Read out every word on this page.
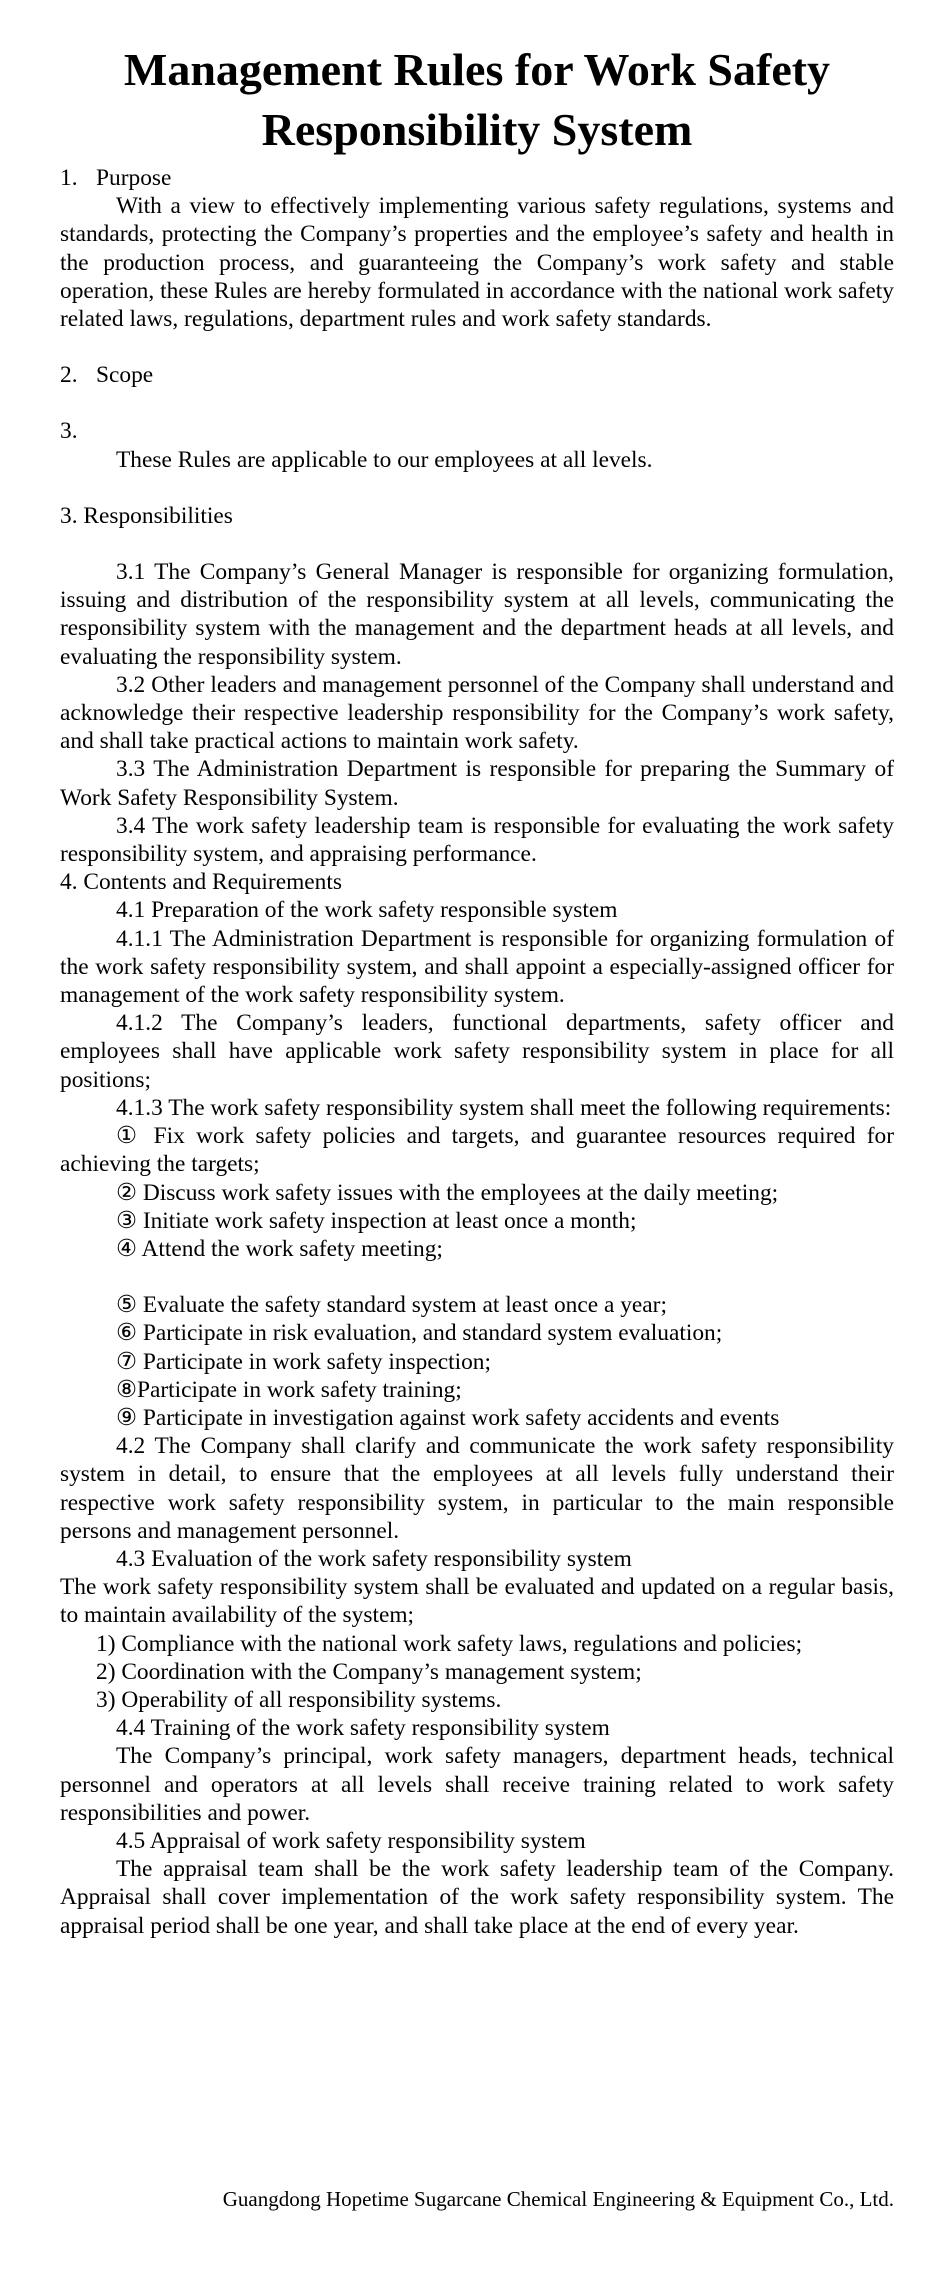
Management Rules for Work Safety Responsibility System

1. Purpose

With a view to effectively implementing various safety regulations, systems and standards, protecting the Company’s properties and the employee’s safety and health in the production process, and guaranteeing the Company’s work safety and stable operation, these Rules are hereby formulated in accordance with the national work safety related laws, regulations, department rules and work safety standards.

2. Scope

3.

These Rules are applicable to our employees at all levels.

3. Responsibilities

3.1 The Company’s General Manager is responsible for organizing formulation, issuing and distribution of the responsibility system at all levels, communicating the responsibility system with the management and the department heads at all levels, and evaluating the responsibility system.

3.2 Other leaders and management personnel of the Company shall understand and acknowledge their respective leadership responsibility for the Company’s work safety, and shall take practical actions to maintain work safety.

3.3 The Administration Department is responsible for preparing the Summary of Work Safety Responsibility System.

3.4 The work safety leadership team is responsible for evaluating the work safety responsibility system, and appraising performance.

4. Contents and Requirements

4.1 Preparation of the work safety responsible system

4.1.1 The Administration Department is responsible for organizing formulation of the work safety responsibility system, and shall appoint a especially-assigned officer for management of the work safety responsibility system.

4.1.2 The Company’s leaders, functional departments, safety officer and employees shall have applicable work safety responsibility system in place for all positions;

4.1.3 The work safety responsibility system shall meet the following requirements:

① Fix work safety policies and targets, and guarantee resources required for achieving the targets;

② Discuss work safety issues with the employees at the daily meeting;

③ Initiate work safety inspection at least once a month;

④ Attend the work safety meeting;

⑤ Evaluate the safety standard system at least once a year;

⑥ Participate in risk evaluation, and standard system evaluation;

⑦ Participate in work safety inspection;

⑧Participate in work safety training;

⑨ Participate in investigation against work safety accidents and events

4.2 The Company shall clarify and communicate the work safety responsibility system in detail, to ensure that the employees at all levels fully understand their respective work safety responsibility system, in particular to the main responsible persons and management personnel.

4.3 Evaluation of the work safety responsibility system

The work safety responsibility system shall be evaluated and updated on a regular basis, to maintain availability of the system;

1) Compliance with the national work safety laws, regulations and policies;

2) Coordination with the Company’s management system;

3) Operability of all responsibility systems.

4.4 Training of the work safety responsibility system

The Company’s principal, work safety managers, department heads, technical personnel and operators at all levels shall receive training related to work safety responsibilities and power.

4.5 Appraisal of work safety responsibility system

The appraisal team shall be the work safety leadership team of the Company. Appraisal shall cover implementation of the work safety responsibility system. The appraisal period shall be one year, and shall take place at the end of every year.

Guangdong Hopetime Sugarcane Chemical Engineering & Equipment Co., Ltd.
